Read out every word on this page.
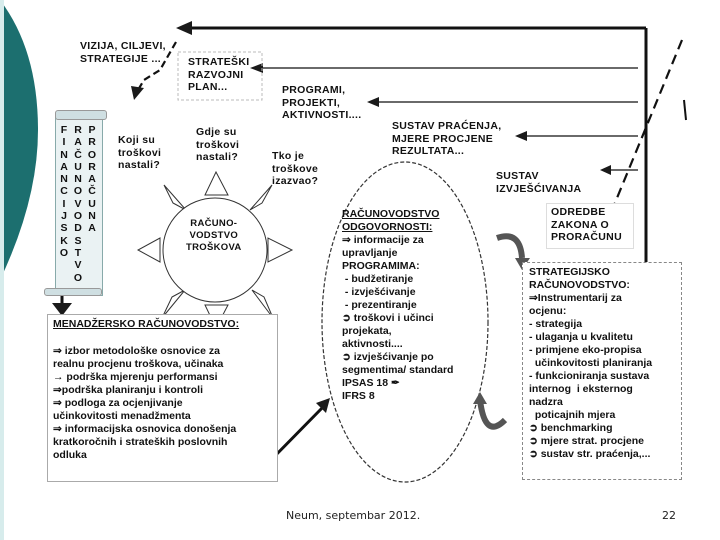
VIZIJA, CILJEVI,
STRATEGIJE ...	STRATEŠKI
RAZVOJNI
PLAN...	PROGRAMI,
PROJEKTI,
AKTIVNOSTI....
SUSTAV PRAĆENJA,
MJERE PROCJENE
REZULTATA...
SUSTAV
IZVJEŠĆIVANJA
ODREDBE
ZAKONA O
PRORAČUNU
F
I
N
A
N
C
I
J
S
K
O
R
A
Č
U
N
O
V
O
D
S
T
V
O
P
R
O
R
A
Č
U
N
A
Koji su
troškovi
nastali?
Gdje su
troškovi
nastali?	Tko je
troškove
izazvao?
RAČUNO-
VODSTVO
TROŠKOVA
MENADŽERSKO RAČUNOVODSTVO:
⇒ izbor metodološke osnovice za
realnu procjenu troškova, učinaka
→ podrška mjerenju performansi
⇒podrška planiranju i kontroli
⇒ podloga za ocjenjivanje
učinkovitosti menadžmenta
⇒ informacijska osnovica donošenja
kratkoročnih i strateških poslovnih
odluka
RAČUNOVODSTVO
ODGOVORNOSTI:
⇒ informacije za
upravljanje
PROGRAMIMA:
- budžetiranje
- izvješćivanje
- prezentiranje
➲ troškovi i učinci
projekata,
aktivnosti....
➲ izvješćivanje po
segmentima/ standard
IPSAS 18 ✒
IFRS 8
STRATEGIJSKO
RAČUNOVODSTVO:
⇒Instrumentarij za
ocjenu:
- strategija
- ulaganja u kvalitetu
- primjene eko-propisa
učinkovitosti planiranja
- funkcioniranja sustava
internog  i eksternog
nadzra
poticajnih mjera
➲ benchmarking
➲ mjere strat. procjene
➲ sustav str. praćenja,...
Neum, septembar 2012.	22
